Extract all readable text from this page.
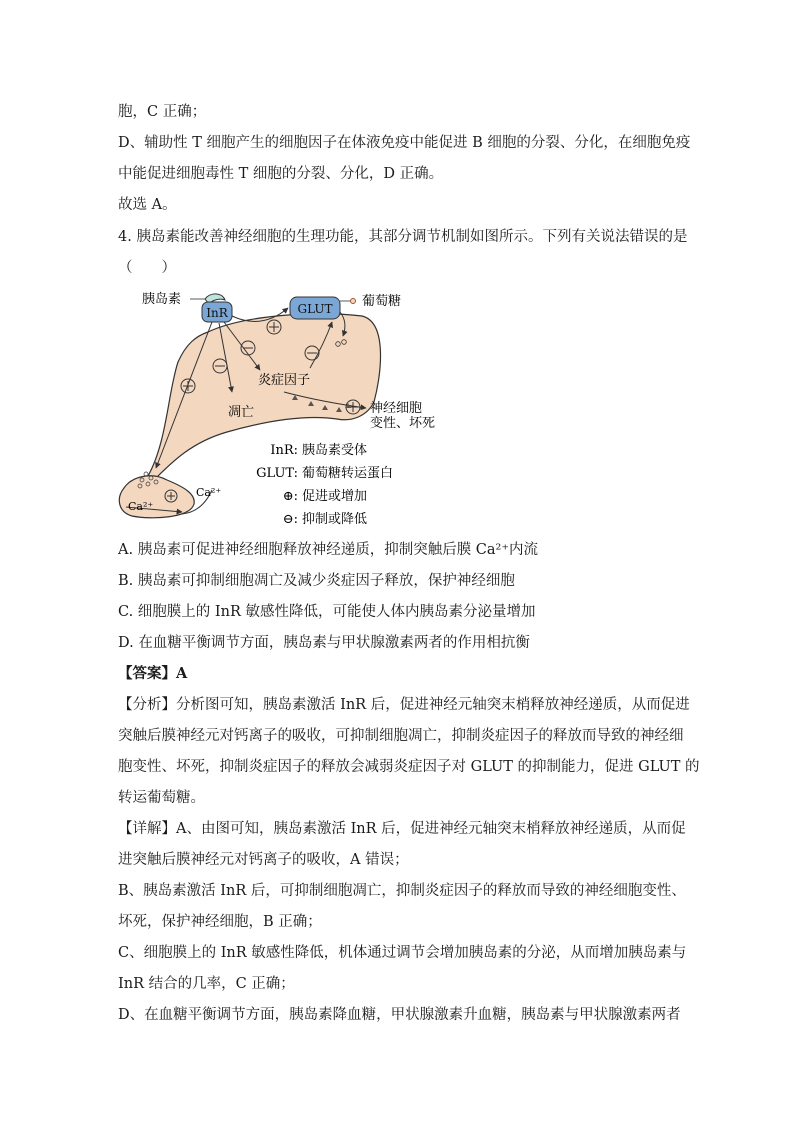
胞，C 正确；
D、辅助性 T 细胞产生的细胞因子在体液免疫中能促进 B 细胞的分裂、分化，在细胞免疫
中能促进细胞毒性 T 细胞的分裂、分化，D 正确。
故选 A。
4. 胰岛素能改善神经细胞的生理功能，其部分调节机制如图所示。下列有关说法错误的是
（　　）
胰岛素
InR	GLUT 葡萄糖
炎症因子
凋亡	神经细胞
变性、坏死
Ca²⁺
Ca²⁺
InR: 胰岛素受体
GLUT: 葡萄糖转运蛋白
⊕: 促进或增加
⊖: 抑制或降低
A. 胰岛素可促进神经细胞释放神经递质，抑制突触后膜 Ca²⁺内流
B. 胰岛素可抑制细胞凋亡及减少炎症因子释放，保护神经细胞
C. 细胞膜上的 InR 敏感性降低，可能使人体内胰岛素分泌量增加
D. 在血糖平衡调节方面，胰岛素与甲状腺激素两者的作用相抗衡
【答案】A
【分析】分析图可知，胰岛素激活 InR 后，促进神经元轴突末梢释放神经递质，从而促进
突触后膜神经元对钙离子的吸收，可抑制细胞凋亡，抑制炎症因子的释放而导致的神经细
胞变性、坏死，抑制炎症因子的释放会减弱炎症因子对 GLUT 的抑制能力，促进 GLUT 的
转运葡萄糖。
【详解】A、由图可知，胰岛素激活 InR 后，促进神经元轴突末梢释放神经递质，从而促
进突触后膜神经元对钙离子的吸收，A 错误；
B、胰岛素激活 InR 后，可抑制细胞凋亡，抑制炎症因子的释放而导致的神经细胞变性、
坏死，保护神经细胞，B 正确；
C、细胞膜上的 InR 敏感性降低，机体通过调节会增加胰岛素的分泌，从而增加胰岛素与
InR 结合的几率，C 正确；
D、在血糖平衡调节方面，胰岛素降血糖，甲状腺激素升血糖，胰岛素与甲状腺激素两者
